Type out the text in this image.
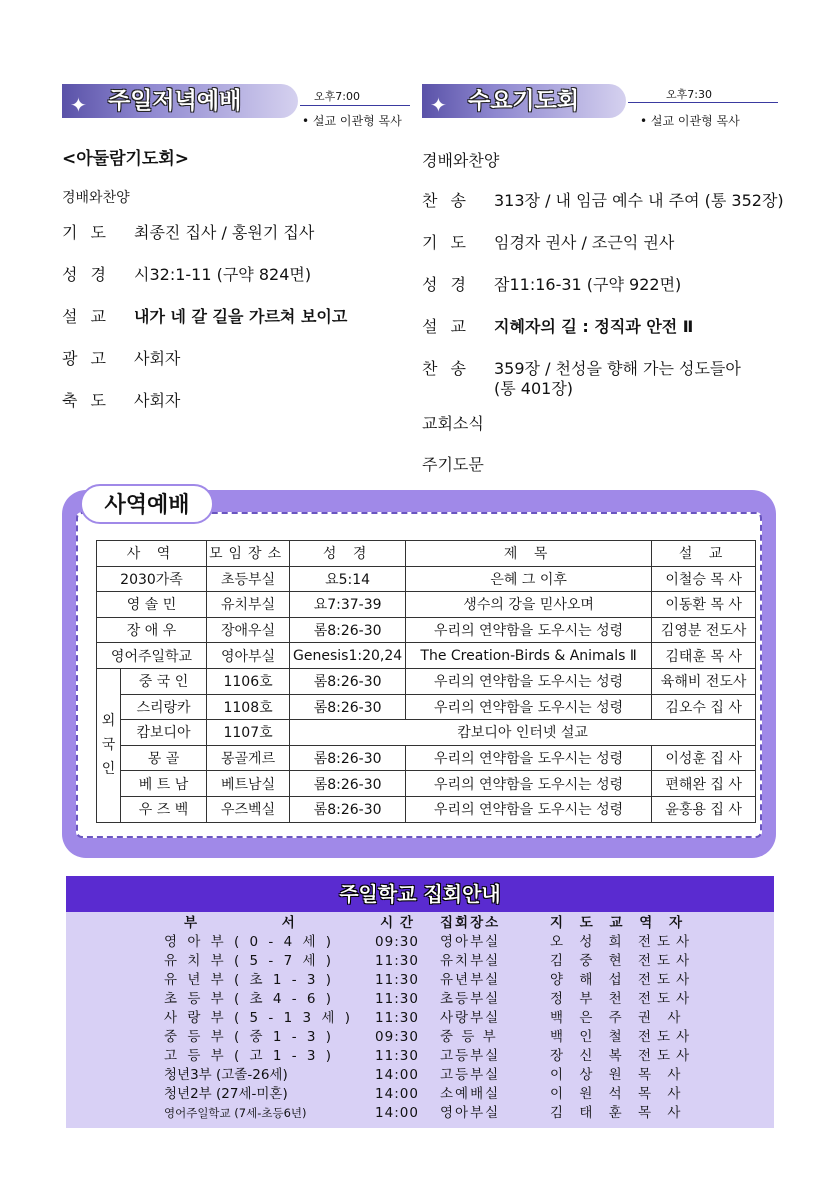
✦ 주일저녁예배	오후7:00
• 설교 이관형 목사
<아둘람기도회>
경배와찬양
기 도 최종진 집사 / 홍원기 집사
성 경 시32:1-11 (구약 824면)
설 교 내가 네 갈 길을 가르쳐 보이고
광 고 사회자
축 도 사회자
✦ 수요기도회	오후7:30
• 설교 이관형 목사
경배와찬양
찬 송 313장 / 내 임금 예수 내 주여 (통 352장)
기 도 임경자 권사 / 조근익 권사
성 경 잠11:16-31 (구약 922면)
설 교 지혜자의 길 : 정직과 안전 Ⅱ
찬 송 359장 / 천성을 향해 가는 성도들아
(통 401장)
교회소식
주기도문
사 역		모임장소	성 경	제 목	설 교
2030가족		초등부실	요5:14	은혜 그 이후	이철승 목 사
영 솔 민		유치부실	요7:37-39	생수의 강을 믿사오며	이동환 목 사
장 애 우		장애우실	롬8:26-30	우리의 연약함을 도우시는 성령	김영분 전도사
영어주일학교		영아부실	Genesis1:20,24	The Creation-Birds & Animals Ⅱ	김태훈 목 사

외
국
인	중 국 인	1106호	롬8:26-30	우리의 연약함을 도우시는 성령	육해비 전도사
	스리랑카	1108호	롬8:26-30	우리의 연약함을 도우시는 성령	김오수 집 사
	캄보디아	1107호	캄보디아 인터넷 설교		
	몽 골	몽골게르	롬8:26-30	우리의 연약함을 도우시는 성령	이성훈 집 사
	베 트 남	베트남실	롬8:26-30	우리의 연약함을 도우시는 성령	편해완 집 사
	우 즈 벡	우즈벡실	롬8:26-30	우리의 연약함을 도우시는 성령	윤홍용 집 사
사역예배
주일학교 집회안내
부 서	시 간	집회장소	지 도 교 역 자
영 아 부 ( 0 - 4 세 )	09:30	영아부실	오 성 희 전도사
유 치 부 ( 5 - 7 세 )	11:30	유치부실	김 중 현 전도사
유 년 부 ( 초 1 - 3 )	11:30	유년부실	양 해 섭 전도사
초 등 부 ( 초 4 - 6 )	11:30	초등부실	정 부 천 전도사
사 랑 부 ( 5 - 1 3 세 )	11:30	사랑부실	백 은 주 권 사
중 등 부 ( 중 1 - 3 )	09:30	중 등 부	백 인 철 전도사
고 등 부 ( 고 1 - 3 )	11:30	고등부실	장 신 복 전도사
청년3부 (고졸-26세)	14:00	고등부실	이 상 원 목 사
청년2부 (27세-미혼)	14:00	소예배실	이 원 석 목 사
영어주일학교 (7세-초등6년)	14:00	영아부실	김 태 훈 목 사
